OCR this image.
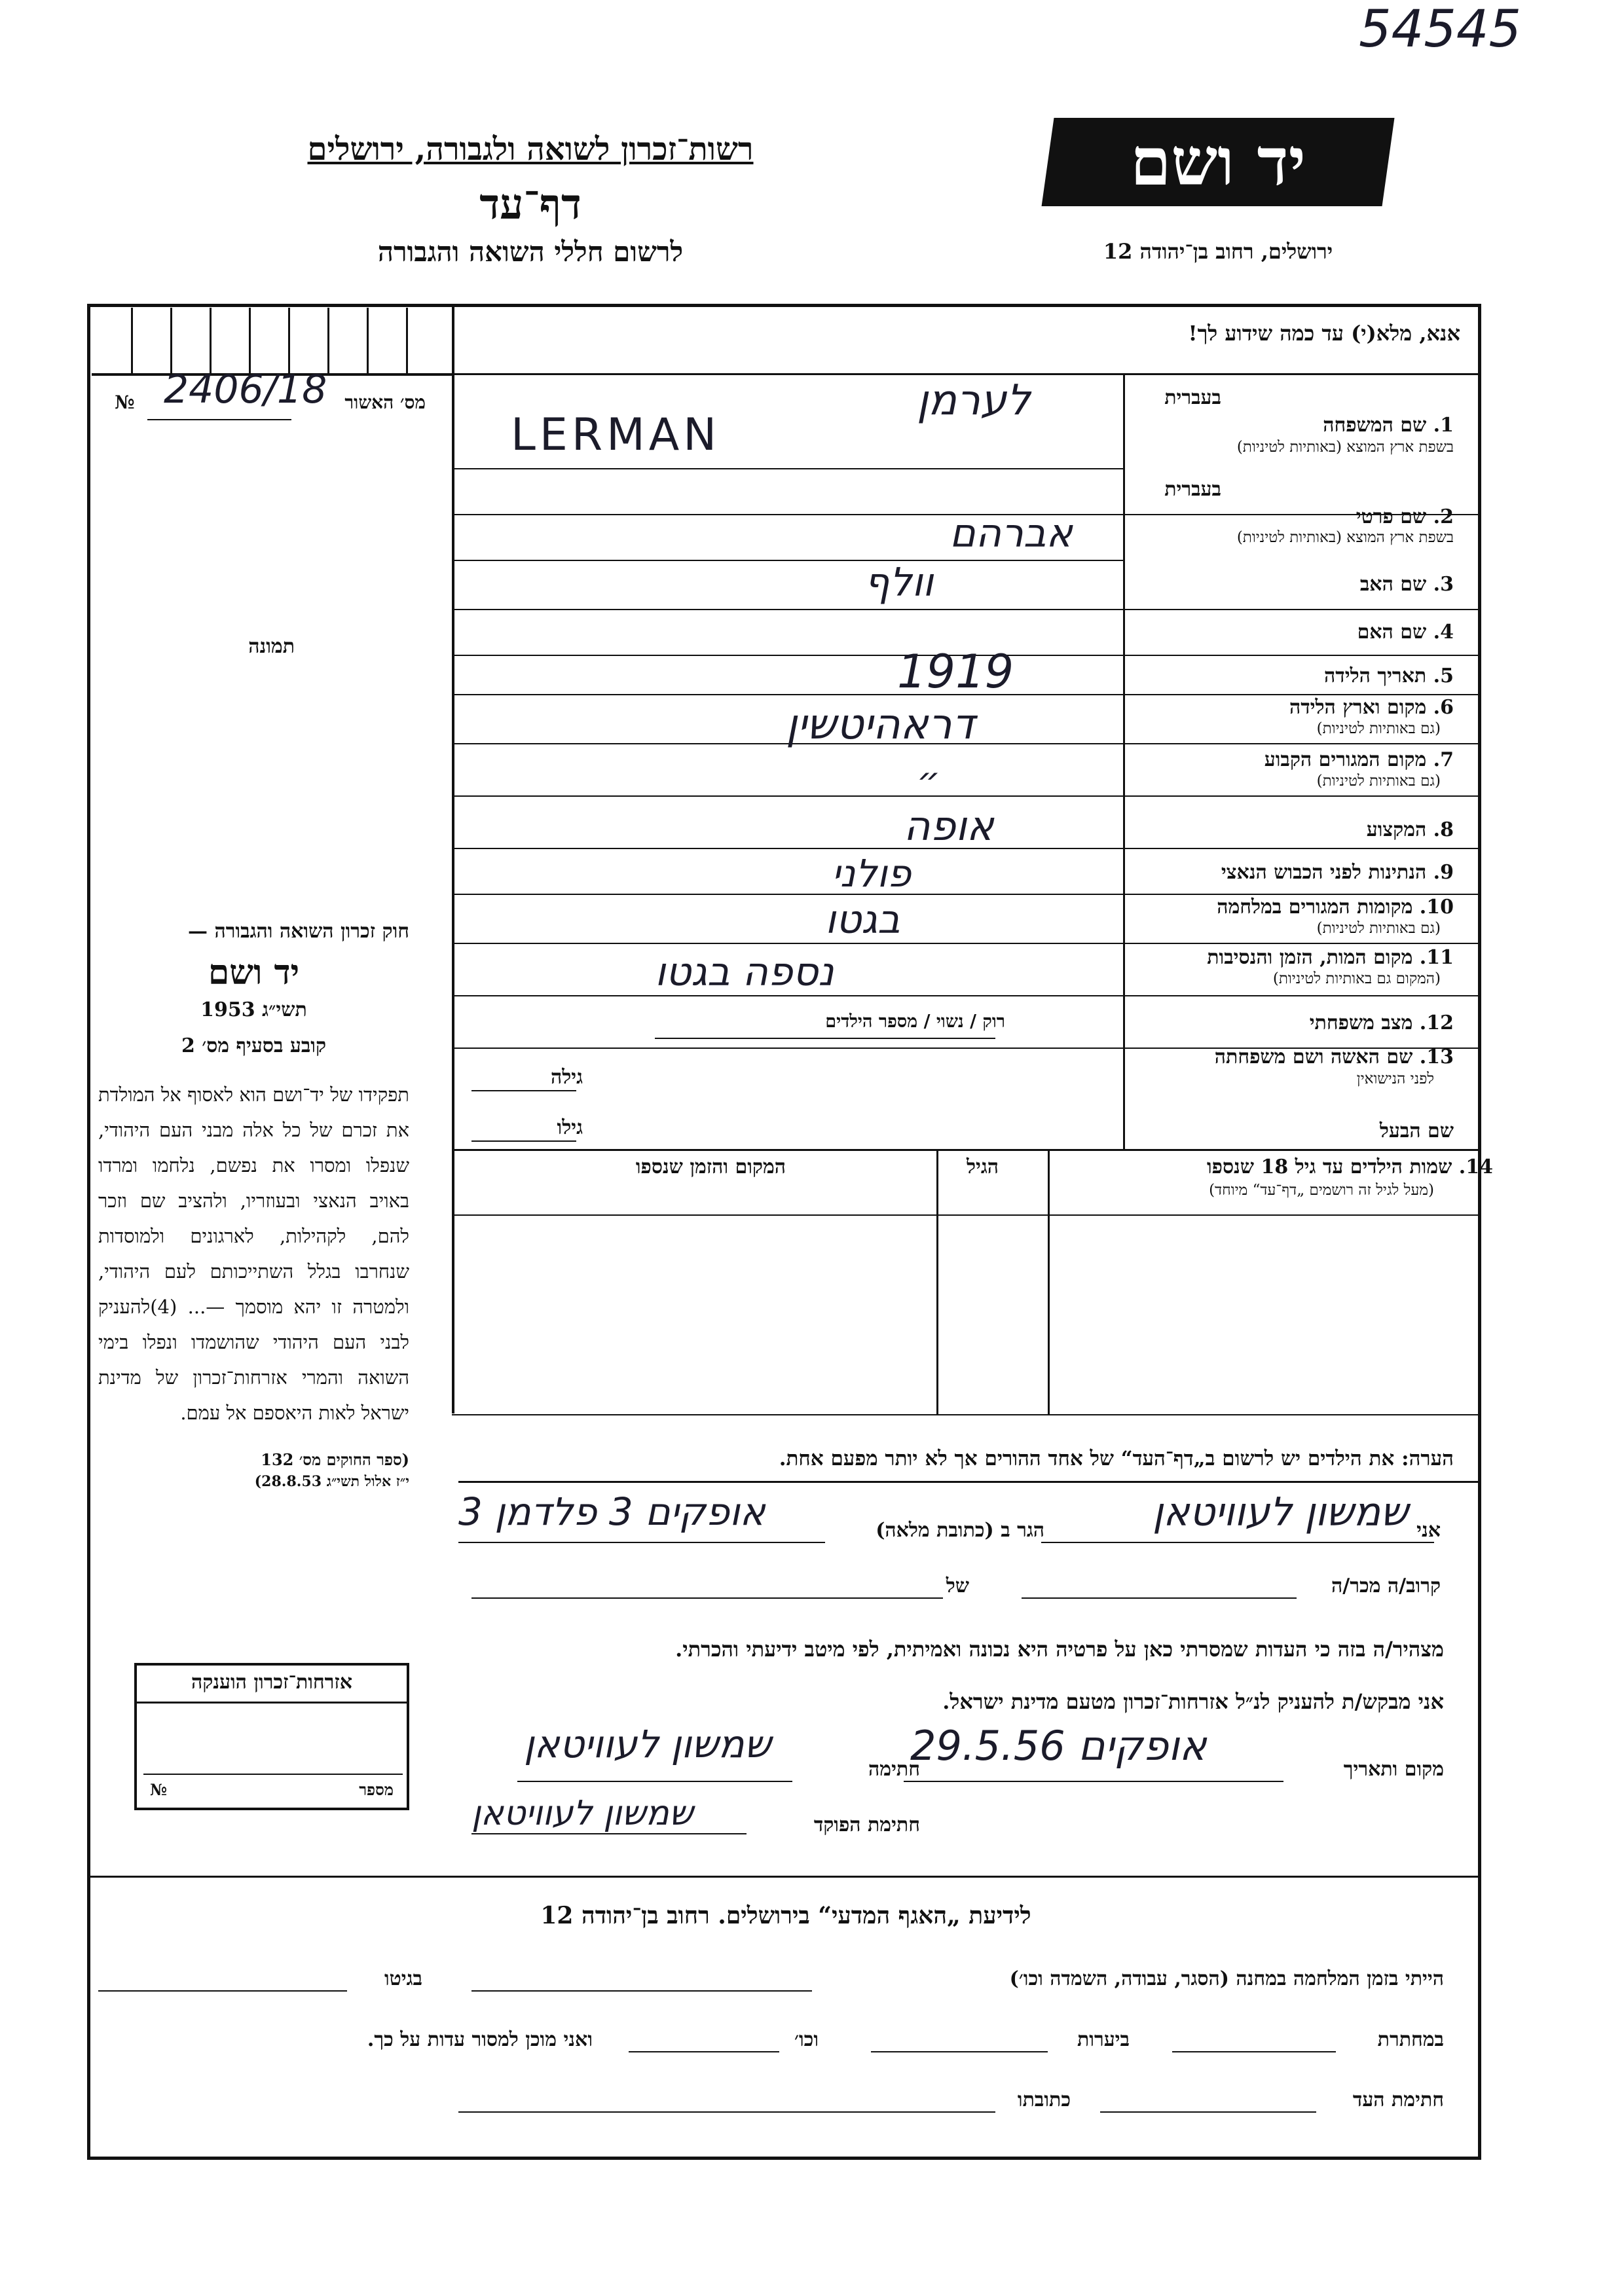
54545
יד ושם
רשות־זכרון לשואה ולגבורה, ירושלים
דף־עד
לרשום חללי השואה והגבורה	ירושלים, רחוב בן־יהודה 12
אנא, מלא(י) עד כמה שידוע לך!
מס׳ האשור
№ 2406/18
תמונה
בעברית
1. שם המשפחה
בשפת ארץ המוצא (באותיות לטיניות)
לערמן
LERMAN
בעברית
2. שם פרטי
בשפת ארץ המוצא (באותיות לטיניות)
אברהם
3. שם האב
וולף
4. שם האם
5. תאריך הלידה
1919
6. מקום וארץ הלידה
(גם באותיות לטיניות)
דראהיטשין
7. מקום המגורים הקבוע
(גם באותיות לטיניות)
״
8. המקצוע
אופה
9. הנתינות לפני הכבוש הנאצי
פולני
10. מקומות המגורים במלחמה
(גם באותיות לטיניות)
בגטו
11. מקום המות, הזמן והנסיבות
(המקום גם באותיות לטיניות)
נספה בגטו
12. מצב משפחתי
רוק / נשוי / מספר הילדים
13. שם האשה ושם משפחתה
לפני הנישואין
גילה
שם הבעל
גילו
14. שמות הילדים עד גיל 18 שנספו
(מעל לגיל זה רושמים „דף־עד“ מיוחד)
הגיל
המקום והזמן שנספו
חוק זכרון השואה והגבורה —
יד ושם
תשי״ג 1953
קובע בסעיף מס׳ 2
תפקידו של יד־ושם הוא לאסוף אל המולדת את זכרם של כל אלה מבני העם היהודי, שנפלו ומסרו את נפשם, נלחמו ומרדו באויב הנאצי ובעוזריו, ולהציב שם וזכר להם, לקהילות, לארגונים ולמוסדות שנחרבו בגלל השתייכותם לעם היהודי, ולמטרה זו יהא מוסמך —... (4)להעניק לבני העם היהודי שהושמדו ונפלו בימי השואה והמרי אזרחות־זכרון של מדינת ישראל לאות היאספם אל עמם.
(ספר החוקים מס׳ 132
י״ז אלול תשי״ג 28.8.53)
הערה: את הילדים יש לרשום ב„דף־העד“ של אחד ההורים אך לא יותר מפעם אחת.
אני
שמשון לעוויטאן
הגר ב (כתובת מלאה)
אופקים 3 פלדמן 3
קרוב/ה מכר/ה
של
מצהיר/ה בזה כי העדות שמסרתי כאן על פרטיה היא נכונה ואמיתית, לפי מיטב ידיעתי והכרתי.
אני מבקש/ת להעניק לנ״ל אזרחות־זכרון מטעם מדינת ישראל.
מקום ותאריך
אופקים 29.5.56
חתימה
שמשון לעוויטאן
חתימת הפוקד
שמשון לעוויטאן
אזרחות־זכרון הוענקה
מספר
№
לידיעת „האגף המדעי“ בירושלים. רחוב בן־יהודה 12
הייתי בזמן המלחמה במחנה (הסגר, עבודה, השמדה וכו׳)
בגיטו
במחתרת
ביערות
וכו׳
ואני מוכן למסור עדות על כך.
חתימת העד
כתובתו
